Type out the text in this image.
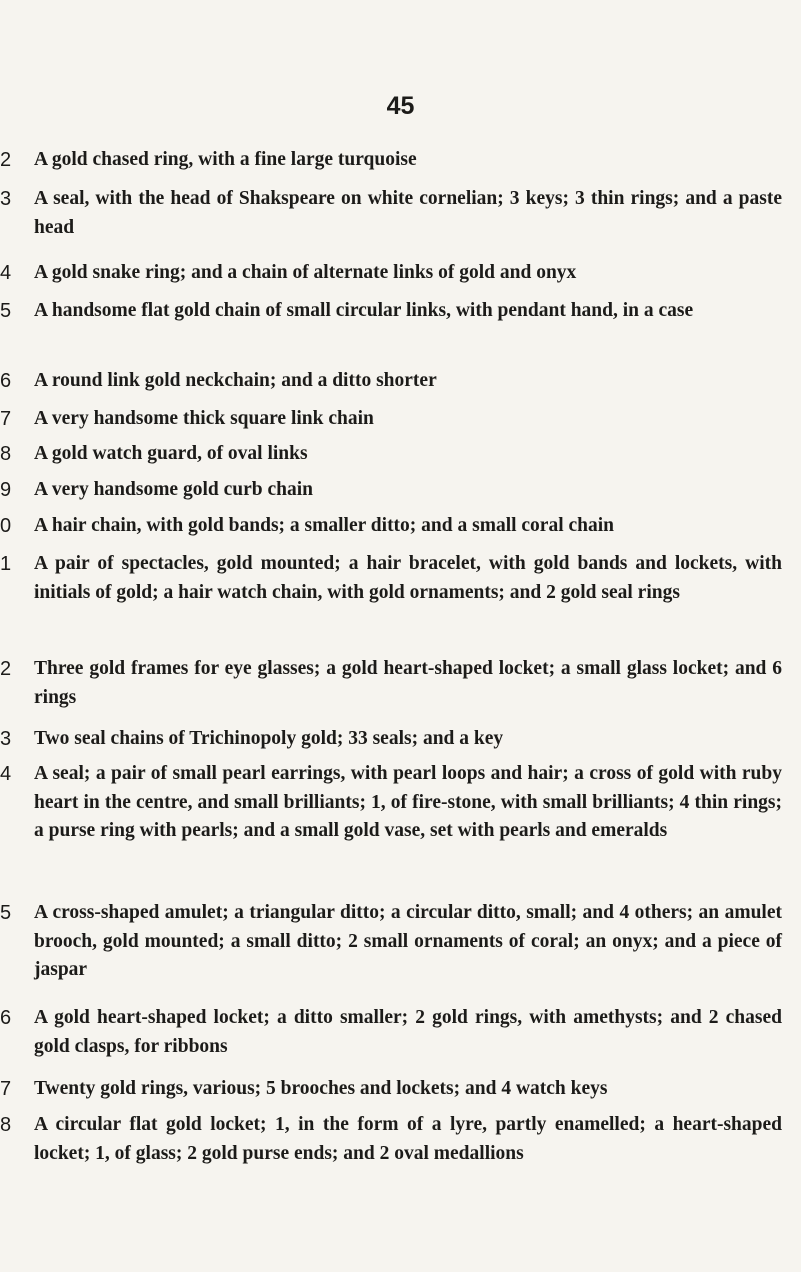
45
2	A gold chased ring, with a fine large turquoise
3	A seal, with the head of Shakspeare on white cornelian; 3 keys; 3 thin rings; and a paste head
4	A gold snake ring; and a chain of alternate links of gold and onyx
5	A handsome flat gold chain of small circular links, with pendant hand, in a case
6	A round link gold neckchain; and a ditto shorter
7	A very handsome thick square link chain
8	A gold watch guard, of oval links
9	A very handsome gold curb chain
0	A hair chain, with gold bands; a smaller ditto; and a small coral chain
1	A pair of spectacles, gold mounted; a hair bracelet, with gold bands and lockets, with initials of gold; a hair watch chain, with gold ornaments; and 2 gold seal rings
2	Three gold frames for eye glasses; a gold heart-shaped locket; a small glass locket; and 6 rings
3	Two seal chains of Trichinopoly gold; 33 seals; and a key
4	A seal; a pair of small pearl earrings, with pearl loops and hair; a cross of gold with ruby heart in the centre, and small brilliants; 1, of fire-stone, with small brilliants; 4 thin rings; a purse ring with pearls; and a small gold vase, set with pearls and emeralds
5	A cross-shaped amulet; a triangular ditto; a circular ditto, small; and 4 others; an amulet brooch, gold mounted; a small ditto; 2 small ornaments of coral; an onyx; and a piece of jaspar
6	A gold heart-shaped locket; a ditto smaller; 2 gold rings, with amethysts; and 2 chased gold clasps, for ribbons
7	Twenty gold rings, various; 5 brooches and lockets; and 4 watch keys
8	A circular flat gold locket; 1, in the form of a lyre, partly enamelled; a heart-shaped locket; 1, of glass; 2 gold purse ends; and 2 oval medallions
